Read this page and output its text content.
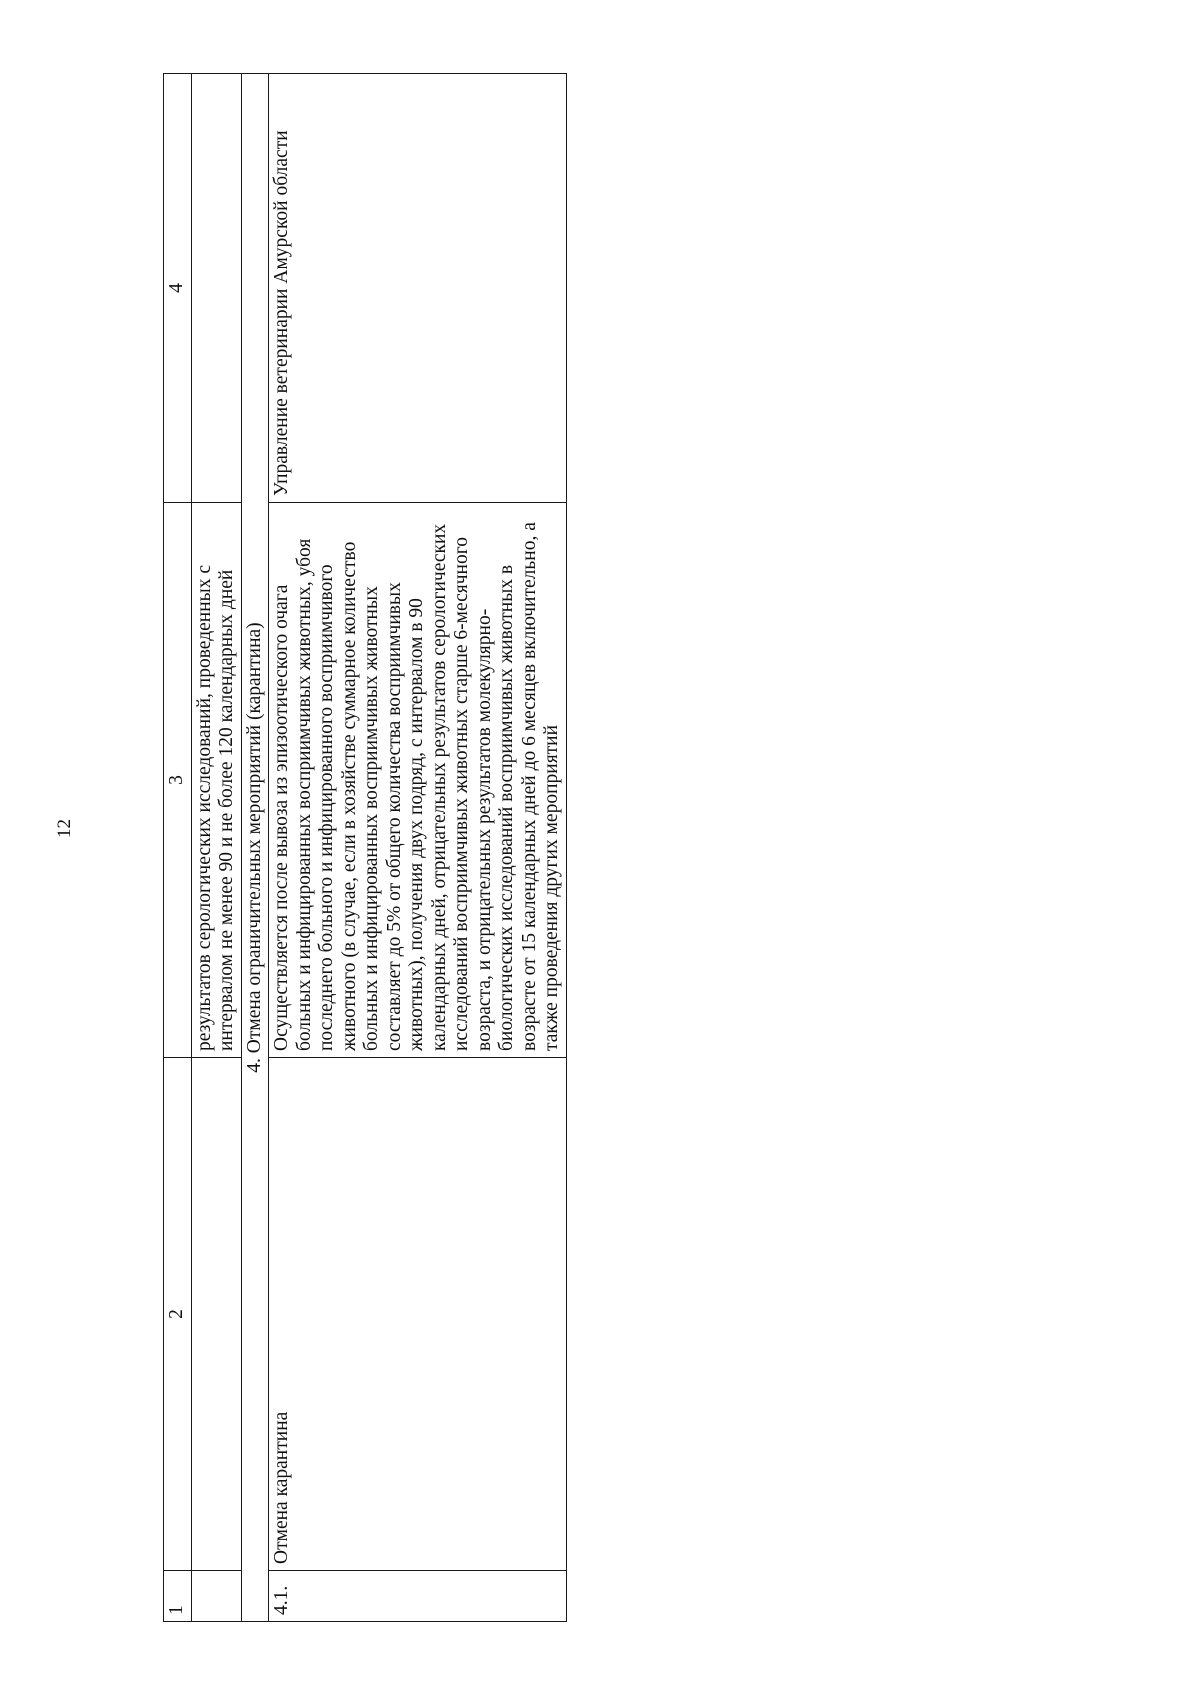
12
1	2	3	4
		результатов серологических исследований, проведенных с интервалом не менее 90 и не более 120 календарных дней	
4. Отмена ограничительных мероприятий (карантина)			
4.1.	Отмена карантина	Осуществляется после вывоза из эпизоотического очага больных и инфицированных восприимчивых животных, убоя последнего больного и инфицированного восприимчивого животного (в случае, если в хозяйстве суммарное количество больных и инфицированных восприимчивых животных составляет до 5% от общего количества восприимчивых животных), получения двух подряд, с интервалом в 90 календарных дней, отрицательных результатов серологических исследований восприимчивых животных старше 6-месячного возраста, и отрицательных результатов молекулярно-биологических исследований восприимчивых животных в возрасте от 15 календарных дней до 6 месяцев включительно, а также проведения других мероприятий	Управление ветеринарии Амурской области
